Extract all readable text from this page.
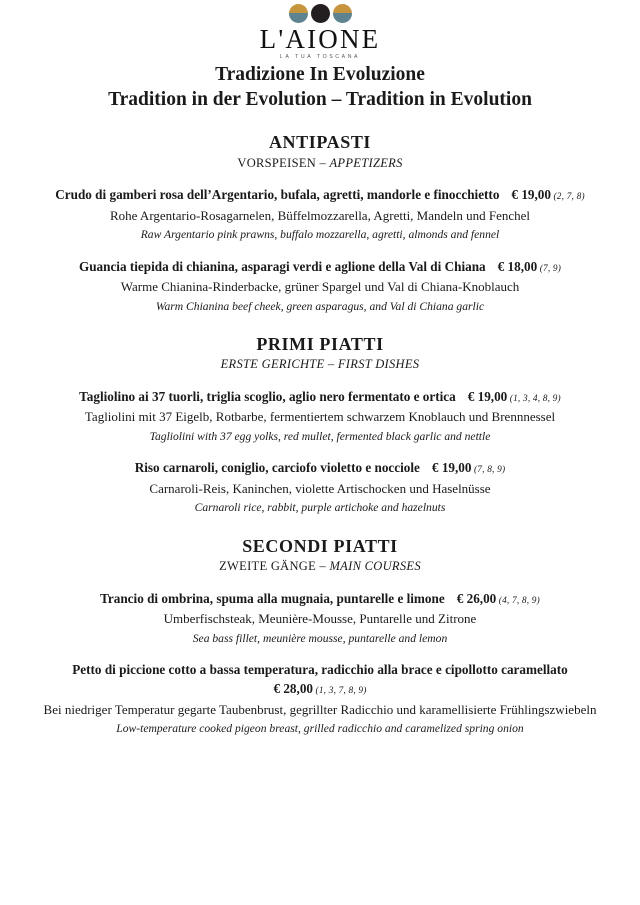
L'AIONE
LA TUA TOSCANA
Tradizione In Evoluzione
Tradition in der Evolution – Tradition in Evolution
ANTIPASTI
VORSPEISEN – APPETIZERS
Crudo di gamberi rosa dell’Argentario, bufala, agretti, mandorle e finocchietto € 19,00 (2, 7, 8)
Rohe Argentario-Rosagarnelen, Büffelmozzarella, Agretti, Mandeln und Fenchel
Raw Argentario pink prawns, buffalo mozzarella, agretti, almonds and fennel
Guancia tiepida di chianina, asparagi verdi e aglione della Val di Chiana € 18,00 (7, 9)
Warme Chianina-Rinderbacke, grüner Spargel und Val di Chiana-Knoblauch
Warm Chianina beef cheek, green asparagus, and Val di Chiana garlic
PRIMI PIATTI
ERSTE GERICHTE – FIRST DISHES
Tagliolino ai 37 tuorli, triglia scoglio, aglio nero fermentato e ortica € 19,00 (1, 3, 4, 8, 9)
Tagliolini mit 37 Eigelb, Rotbarbe, fermentiertem schwarzem Knoblauch und Brennnessel
Tagliolini with 37 egg yolks, red mullet, fermented black garlic and nettle
Riso carnaroli, coniglio, carciofo violetto e nocciole € 19,00 (7, 8, 9)
Carnaroli-Reis, Kaninchen, violette Artischocken und Haselnüsse
Carnaroli rice, rabbit, purple artichoke and hazelnuts
SECONDI PIATTI
ZWEITE GÄNGE – MAIN COURSES
Trancio di ombrina, spuma alla mugnaia, puntarelle e limone € 26,00 (4, 7, 8, 9)
Umberfischsteak, Meunière-Mousse, Puntarelle und Zitrone
Sea bass fillet, meunière mousse, puntarelle and lemon
Petto di piccione cotto a bassa temperatura, radicchio alla brace e cipollotto caramellato
€ 28,00 (1, 3, 7, 8, 9)
Bei niedriger Temperatur gegarte Taubenbrust, gegrillter Radicchio und karamellisierte Frühlingszwiebeln
Low-temperature cooked pigeon breast, grilled radicchio and caramelized spring onion
